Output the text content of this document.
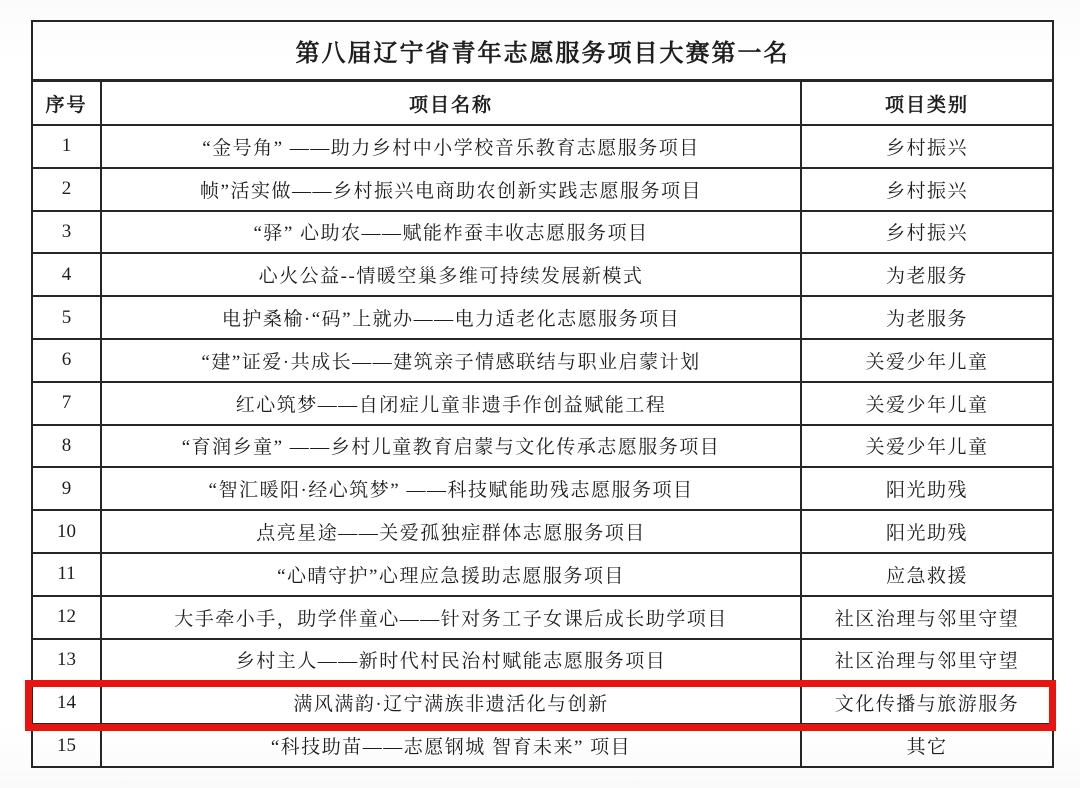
第八届辽宁省青年志愿服务项目大赛第一名		
序号	项目名称	项目类别
1	“金号角” ——助力乡村中小学校音乐教育志愿服务项目	乡村振兴
2	帧”活实做——乡村振兴电商助农创新实践志愿服务项目	乡村振兴
3	“驿” 心助农——赋能柞蚕丰收志愿服务项目	乡村振兴
4	心火公益--情暖空巢多维可持续发展新模式	为老服务
5	电护桑榆·“码”上就办——电力适老化志愿服务项目	为老服务
6	“建”证爱·共成长——建筑亲子情感联结与职业启蒙计划	关爱少年儿童
7	红心筑梦——自闭症儿童非遗手作创益赋能工程	关爱少年儿童
8	“育润乡童” ——乡村儿童教育启蒙与文化传承志愿服务项目	关爱少年儿童
9	“智汇暖阳·经心筑梦” ——科技赋能助残志愿服务项目	阳光助残
10	点亮星途——关爱孤独症群体志愿服务项目	阳光助残
11	“心晴守护”心理应急援助志愿服务项目	应急救援
12	大手牵小手，助学伴童心——针对务工子女课后成长助学项目	社区治理与邻里守望
13	乡村主人——新时代村民治村赋能志愿服务项目	社区治理与邻里守望
14	满风满韵·辽宁满族非遗活化与创新	文化传播与旅游服务
15	“科技助苗——志愿钢城 智育未来” 项目	其它
